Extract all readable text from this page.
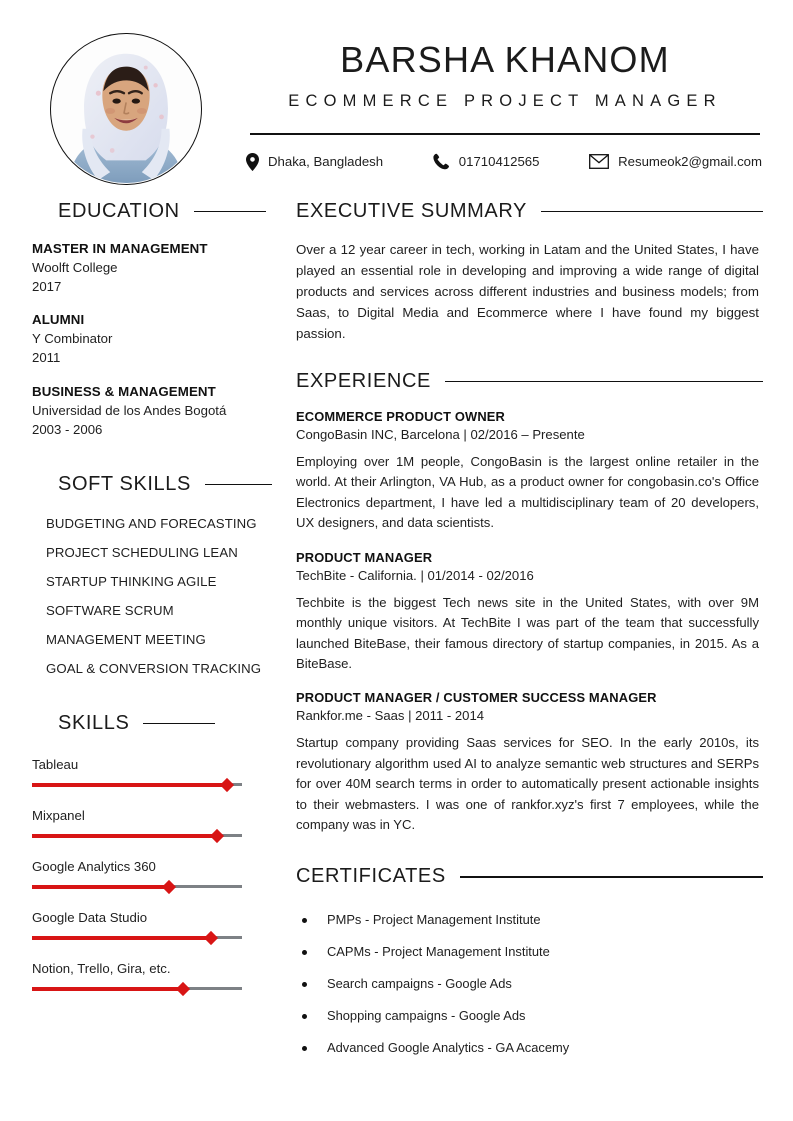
BARSHA KHANOM
ECOMMERCE PROJECT MANAGER
Dhaka, Bangladesh	01710412565	Resumeok2@gmail.com
EDUCATION
MASTER IN MANAGEMENT
Woolft College
2017
ALUMNI
Y Combinator
2011
BUSINESS & MANAGEMENT
Universidad de los Andes Bogotá
2003 - 2006
SOFT SKILLS
BUDGETING AND FORECASTING
PROJECT SCHEDULING LEAN
STARTUP THINKING AGILE
SOFTWARE SCRUM
MANAGEMENT MEETING
GOAL & CONVERSION TRACKING
SKILLS
Tableau
Mixpanel
Google Analytics 360
Google Data Studio
Notion, Trello, Gira, etc.
EXECUTIVE SUMMARY
Over a 12 year career in tech, working in Latam and the United States, I have played an essential role in developing and improving a wide range of digital products and services across different industries and business models; from Saas, to Digital Media and Ecommerce where I have found my biggest passion.
EXPERIENCE
ECOMMERCE PRODUCT OWNER
CongoBasin INC, Barcelona | 02/2016 – Presente
Employing over 1M people, CongoBasin is the largest online retailer in the world. At their Arlington, VA Hub, as a product owner for congobasin.co's Office Electronics department, I have led a multidisciplinary team of 20 developers, UX designers, and data scientists.
PRODUCT MANAGER
TechBite - California. | 01/2014 - 02/2016
Techbite is the biggest Tech news site in the United States, with over 9M monthly unique visitors. At TechBite I was part of the team that successfully launched BiteBase, their famous directory of startup companies, in 2015. As a BiteBase.
PRODUCT MANAGER / CUSTOMER SUCCESS MANAGER
Rankfor.me - Saas | 2011 - 2014
Startup company providing Saas services for SEO. In the early 2010s, its revolutionary algorithm used AI to analyze semantic web structures and SERPs for over 40M search terms in order to automatically present actionable insights to their webmasters. I was one of rankfor.xyz's first 7 employees, while the company was in YC.
CERTIFICATES
PMPs - Project Management Institute
CAPMs - Project Management Institute
Search campaigns - Google Ads
Shopping campaigns - Google Ads
Advanced Google Analytics - GA Acacemy
